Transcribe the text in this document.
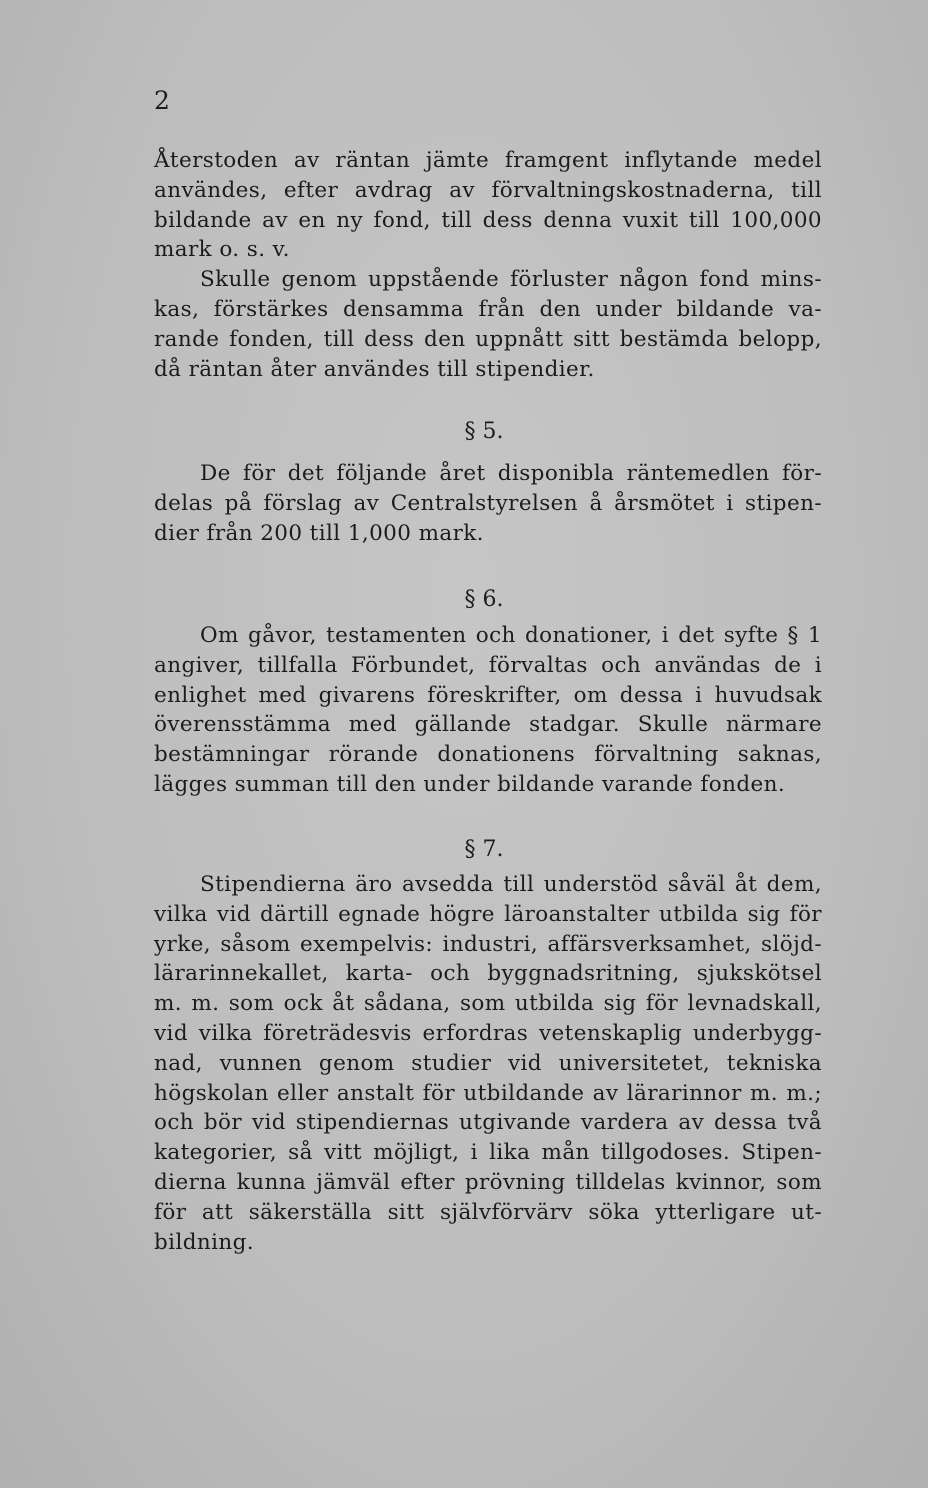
2
Återstoden av räntan jämte framgent inflytande medel
användes, efter avdrag av förvaltningskostnaderna, till
bildande av en ny fond, till dess denna vuxit till 100,000
mark o. s. v.
Skulle genom uppstående förluster någon fond mins-
kas, förstärkes densamma från den under bildande va-
rande fonden, till dess den uppnått sitt bestämda belopp,
då räntan åter användes till stipendier.
§ 5.
De för det följande året disponibla räntemedlen för-
delas på förslag av Centralstyrelsen å årsmötet i stipen-
dier från 200 till 1,000 mark.
§ 6.
Om gåvor, testamenten och donationer, i det syfte § 1
angiver, tillfalla Förbundet, förvaltas och användas de i
enlighet med givarens föreskrifter, om dessa i huvudsak
överensstämma med gällande stadgar. Skulle närmare
bestämningar rörande donationens förvaltning saknas,
lägges summan till den under bildande varande fonden.
§ 7.
Stipendierna äro avsedda till understöd såväl åt dem,
vilka vid därtill egnade högre läroanstalter utbilda sig för
yrke, såsom exempelvis: industri, affärsverksamhet, slöjd-
lärarinnekallet, karta- och byggnadsritning, sjukskötsel
m. m. som ock åt sådana, som utbilda sig för levnadskall,
vid vilka företrädesvis erfordras vetenskaplig underbygg-
nad, vunnen genom studier vid universitetet, tekniska
högskolan eller anstalt för utbildande av lärarinnor m. m.;
och bör vid stipendiernas utgivande vardera av dessa två
kategorier, så vitt möjligt, i lika mån tillgodoses. Stipen-
dierna kunna jämväl efter prövning tilldelas kvinnor, som
för att säkerställa sitt självförvärv söka ytterligare ut-
bildning.
